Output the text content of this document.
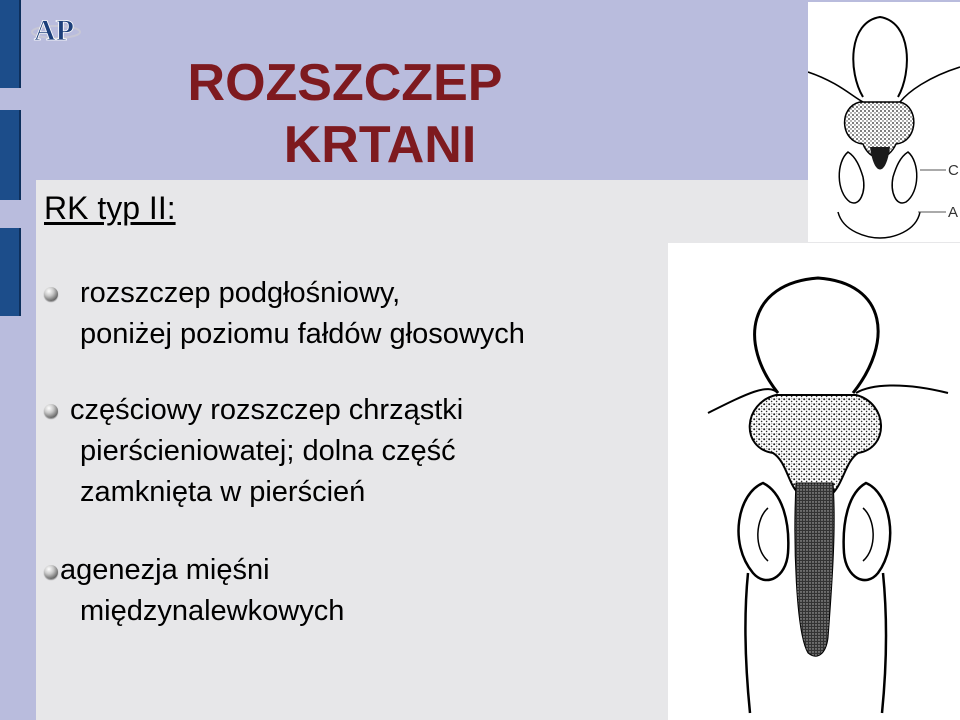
AP
ROZSZCZEP
KRTANI
RK typ II:
rozszczep podgłośniowy,
poniżej poziomu fałdów głosowych
częściowy rozszczep chrząstki
pierścieniowatej; dolna część
zamknięta w pierścień
agenezja mięśni
międzynalewkowych
C
A
